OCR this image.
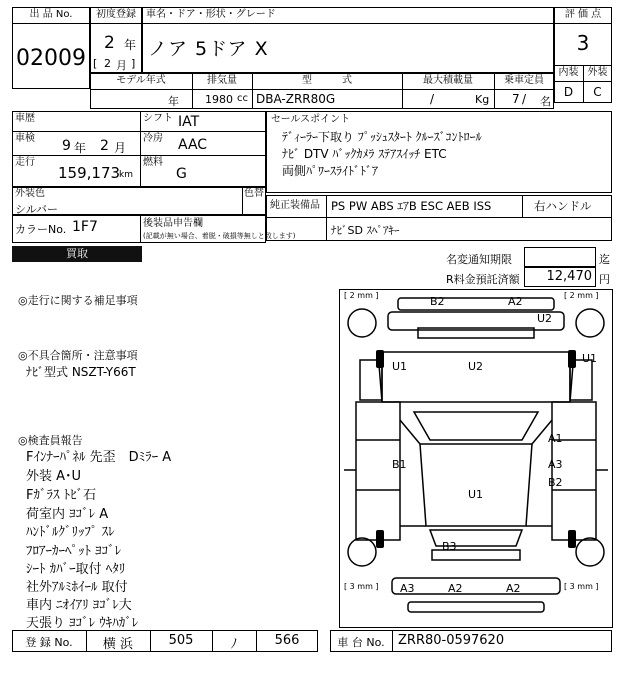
出 品 No.
02009
初度登録
2 年
[ 2 月 ]
車名・ドア・形状・グレード
ノア 5ドア X
評 価 点
3
内装 外装
D	C
モデル年式	排気量	型　　　式	最大積載量	乗車定員
年 1980 cc DBA-ZRR80G	/	Kg 7 / 名
車歴
車検 9 年 2 月
走行
159,173
km
シフト IAT
冷房 AAC
燃料
G
外装色
シルバー
色替
カラーNo. 1F7	後装品申告欄
(記載が無い場合、着脱・破損等無しと致します)
セールスポイント
ﾃﾞｨｰﾗｰ下取り ﾌﾟｯｼｭｽﾀｰﾄ ｸﾙｰｽﾞｺﾝﾄﾛｰﾙ
ﾅﾋﾞ DTV ﾊﾞｯｸｶﾒﾗ ｽﾃｱｽｲｯﾁ ETC
両側ﾊﾟﾜｰｽﾗｲﾄﾞﾄﾞｱ
純正装備品 PS PW ABS ｴｱB ESC AEB ISS	右ハンドル
ﾅﾋﾞSD ｽﾍﾟｱｷｰ
買取	名変通知期限	迄
R料金預託済額	12,470 円
◎走行に関する補足事項
◎不具合箇所・注意事項
ﾅﾋﾞ型式 NSZT-Y66T
◎検査員報告
Fｲﾝﾅｰﾊﾟﾈﾙ 先歪　Dﾐﾗｰ A
外装 A･U
Fｶﾞﾗｽ ﾄﾋﾞ石
荷室内 ﾖｺﾞﾚ A
ﾊﾝﾄﾞﾙｸﾞﾘｯﾌﾟ ｽﾚ
ﾌﾛｱｰｶｰﾍﾟｯﾄ ﾖｺﾞﾚ
ｼｰﾄ ｶﾊﾞｰ取付 ﾍﾀﾘ
社外ｱﾙﾐﾎｲｰﾙ 取付
車内 ﾆｵｲｱﾘ ﾖｺﾞﾚ大
天張り ﾖｺﾞﾚ ｳｷﾊｶﾞﾚ
[ 2 mm ]	[ 2 mm ]
[ 3 mm ]	[ 3 mm ]
B2	A2
U2
U1	U2
U1
A1
B1	A3
B2
U1
B3
A3	A2	A2
登 録 No.	横 浜	505	ﾉ	566	車 台 No.	ZRR80-0597620
